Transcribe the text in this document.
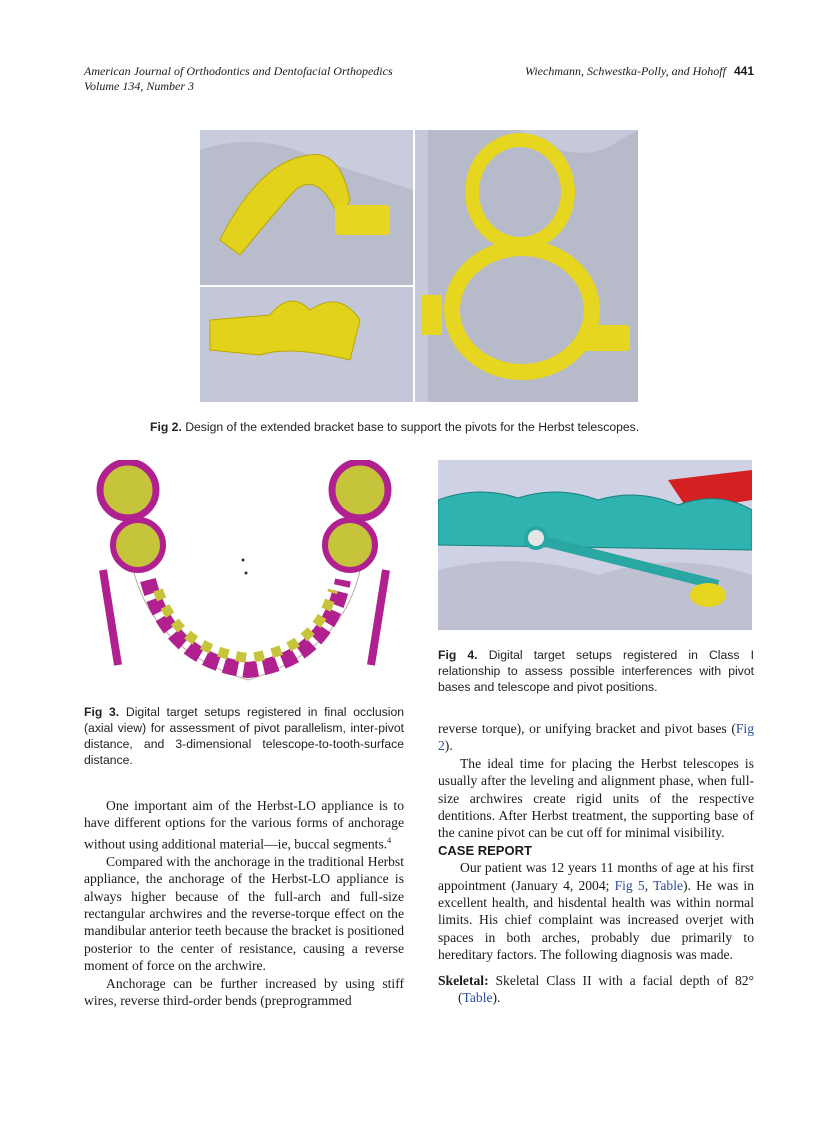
American Journal of Orthodontics and Dentofacial Orthopedics
Volume 134, Number 3
Wiechmann, Schwestka-Polly, and Hohoff 441
Fig 2. Design of the extended bracket base to support the pivots for the Herbst telescopes.
Fig 3. Digital target setups registered in final occlusion (axial view) for assessment of pivot parallelism, inter-pivot distance, and 3-dimensional telescope-to-tooth-surface distance.
Fig 4. Digital target setups registered in Class I relationship to assess possible interferences with pivot bases and telescope and pivot positions.

One important aim of the Herbst-LO appliance is to have different options for the various forms of anchorage without using additional material—ie, buccal segments.$^4$

Compared with the anchorage in the traditional Herbst appliance, the anchorage of the Herbst-LO appliance is always higher because of the full-arch and full-size rectangular archwires and the reverse-torque effect on the mandibular anterior teeth because the bracket is positioned posterior to the center of resistance, causing a reverse moment of force on the archwire.

Anchorage can be further increased by using stiff wires, reverse third-order bends (preprogrammed

reverse torque), or unifying bracket and pivot bases (Fig 2).

The ideal time for placing the Herbst telescopes is usually after the leveling and alignment phase, when full-size archwires create rigid units of the respective dentitions. After Herbst treatment, the supporting base of the canine pivot can be cut off for minimal visibility.

CASE REPORT

Our patient was 12 years 11 months of age at his first appointment (January 4, 2004; Fig 5, Table). He was in excellent health, and hisdental health was within normal limits. His chief complaint was increased overjet with spaces in both arches, probably due primarily to hereditary factors. The following diagnosis was made.

Skeletal: Skeletal Class II with a facial depth of 82° (Table).
